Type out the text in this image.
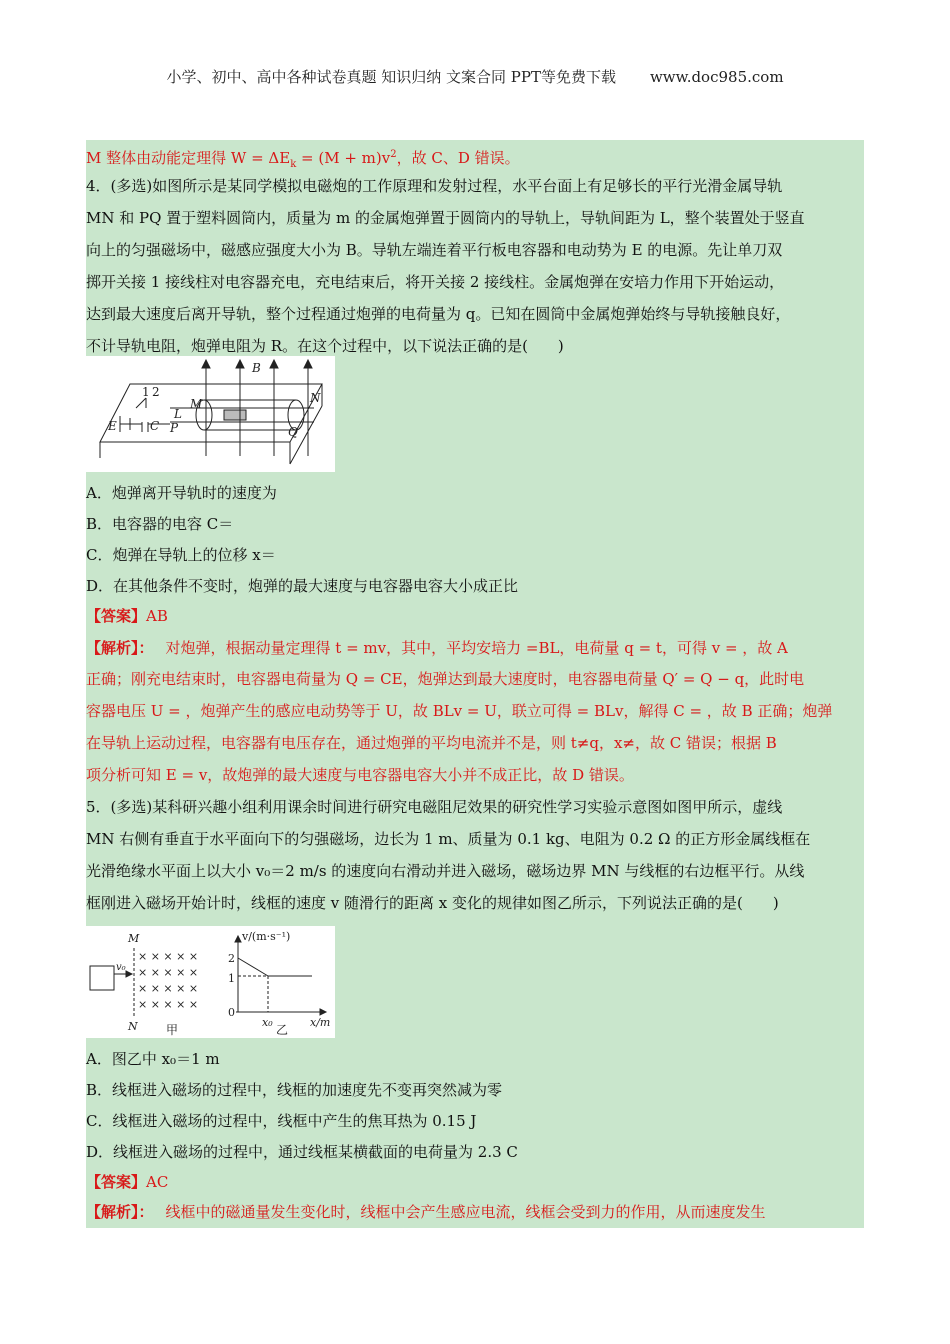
小学、初中、高中各种试卷真题 知识归纳 文案合同 PPT等免费下载 www.doc985.com
M 整体由动能定理得 $W = \Delta E_k = (M + m)v^2$，故 C、D 错误。
4．(多选)如图所示是某同学模拟电磁炮的工作原理和发射过程，水平台面上有足够长的平行光滑金属导轨
MN 和 PQ 置于塑料圆筒内，质量为 m 的金属炮弹置于圆筒内的导轨上，导轨间距为 L，整个装置处于竖直
向上的匀强磁场中，磁感应强度大小为 B。导轨左端连着平行板电容器和电动势为 E 的电源。先让单刀双
掷开关接 1 接线柱对电容器充电，充电结束后，将开关接 2 接线柱。金属炮弹在安培力作用下开始运动，
达到最大速度后离开导轨，整个过程通过炮弹的电荷量为 q。已知在圆筒中金属炮弹始终与导轨接触良好，
不计导轨电阻，炮弹电阻为 R。在这个过程中，以下说法正确的是(　　)
B
1 2
M	N
L
P	Q
E	C
A．炮弹离开导轨时的速度为
B．电容器的电容 C＝
C．炮弹在导轨上的位移 x＝
D．在其他条件不变时，炮弹的最大速度与电容器电容大小成正比
【答案】AB
【解析】： 对炮弹，根据动量定理得 t = mv，其中，平均安培力 =BL，电荷量 q = t，可得 v = ，故 A
正确；刚充电结束时，电容器电荷量为 Q = CE，炮弹达到最大速度时，电容器电荷量 Q′ = Q − q，此时电
容器电压 U = ，炮弹产生的感应电动势等于 U，故 BLv = U，联立可得 = BLv，解得 C = ，故 B 正确；炮弹
在导轨上运动过程，电容器有电压存在，通过炮弹的平均电流并不是，则 t≠q，x≠，故 C 错误；根据 B
项分析可知 E = v，故炮弹的最大速度与电容器电容大小并不成正比，故 D 错误。
5．(多选)某科研兴趣小组利用课余时间进行研究电磁阻尼效果的研究性学习实验示意图如图甲所示，虚线
MN 右侧有垂直于水平面向下的匀强磁场，边长为 1 m、质量为 0.1 kg、电阻为 0.2 Ω 的正方形金属线框在
光滑绝缘水平面上以大小 v₀＝2 m/s 的速度向右滑动并进入磁场，磁场边界 MN 与线框的右边框平行。从线
框刚进入磁场开始计时，线框的速度 v 随滑行的距离 x 变化的规律如图乙所示，下列说法正确的是(　　)
M
N
v₀
× × × × ×
× × × × ×
× × × × ×
× × × × ×
甲
v/(m·s⁻¹)
x/m
2
1
0
x₀
乙
A．图乙中 x₀＝1 m
B．线框进入磁场的过程中，线框的加速度先不变再突然减为零
C．线框进入磁场的过程中，线框中产生的焦耳热为 0.15 J
D．线框进入磁场的过程中，通过线框某横截面的电荷量为 2.3 C
【答案】AC
【解析】： 线框中的磁通量发生变化时，线框中会产生感应电流，线框会受到力的作用，从而速度发生
